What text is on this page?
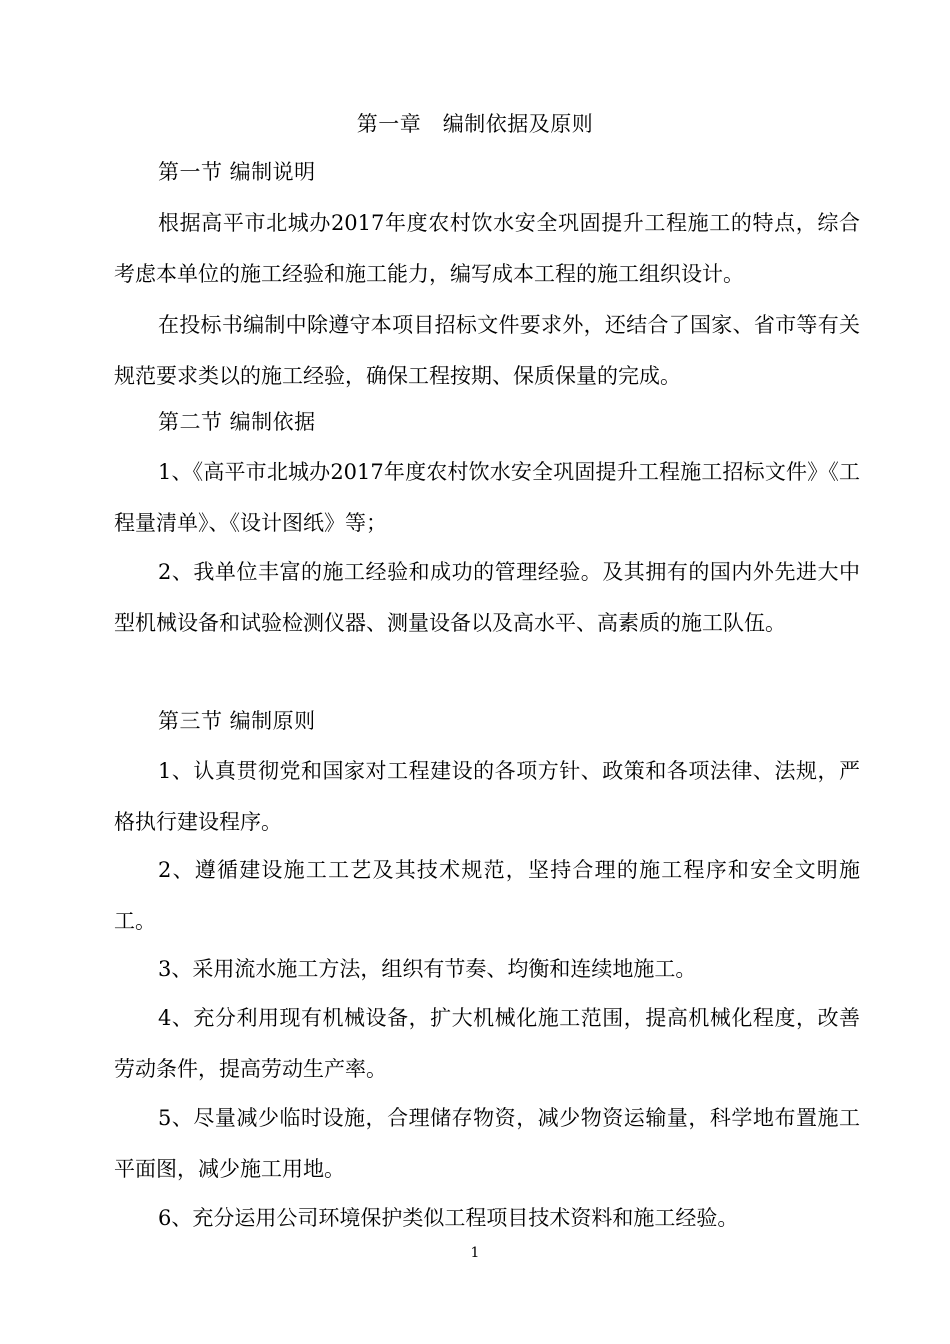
第一章　编制依据及原则

第一节 编制说明

根据高平市北城办2017年度农村饮水安全巩固提升工程施工的特点，综合考虑本单位的施工经验和施工能力，编写成本工程的施工组织设计。

在投标书编制中除遵守本项目招标文件要求外，还结合了国家、省市等有关规范要求类以的施工经验，确保工程按期、保质保量的完成。

第二节 编制依据

1、《高平市北城办2017年度农村饮水安全巩固提升工程施工招标文件》《工程量清单》、《设计图纸》等；

2、我单位丰富的施工经验和成功的管理经验。及其拥有的国内外先进大中型机械设备和试验检测仪器、测量设备以及高水平、高素质的施工队伍。

第三节 编制原则

1、认真贯彻党和国家对工程建设的各项方针、政策和各项法律、法规，严格执行建设程序。

2、遵循建设施工工艺及其技术规范，坚持合理的施工程序和安全文明施工。

3、采用流水施工方法，组织有节奏、均衡和连续地施工。

4、充分利用现有机械设备，扩大机械化施工范围，提高机械化程度，改善劳动条件，提高劳动生产率。

5、尽量减少临时设施，合理储存物资，减少物资运输量，科学地布置施工平面图，减少施工用地。

6、充分运用公司环境保护类似工程项目技术资料和施工经验。

1
